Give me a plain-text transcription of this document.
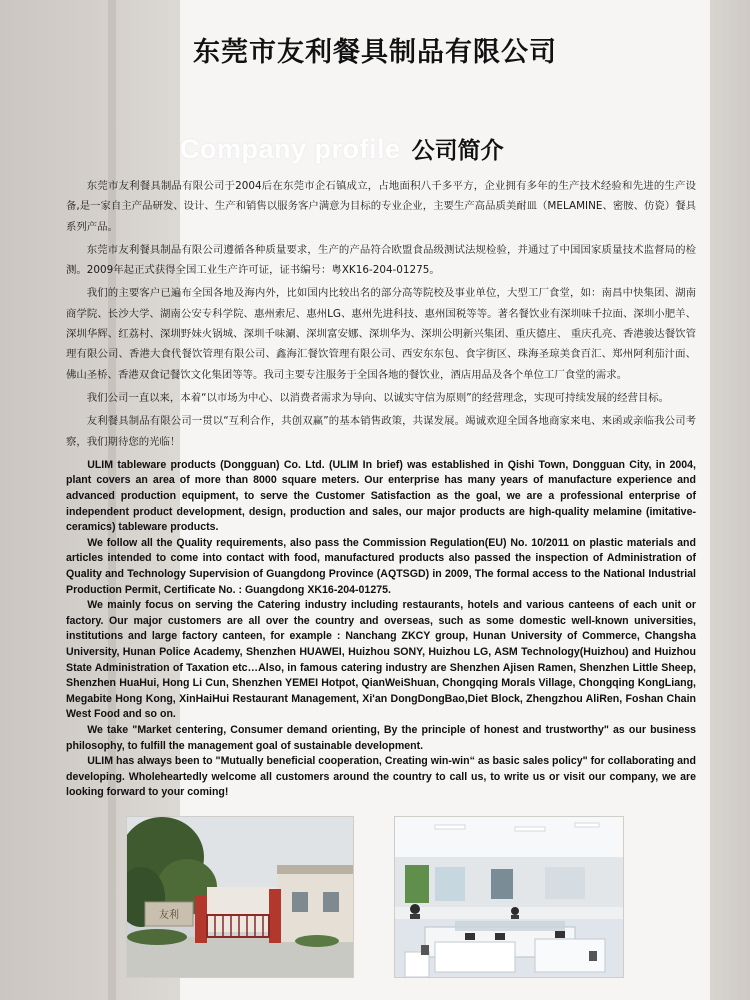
东莞市友利餐具制品有限公司
Company profile 公司简介

东莞市友利餐具制品有限公司于2004后在东莞市企石镇成立，占地面积八千多平方，企业拥有多年的生产技术经验和先进的生产设备,是一家自主产品研发、设计、生产和销售以服务客户满意为目标的专业企业，主要生产高品质美耐皿（MELAMINE、密胺、仿瓷）餐具系列产品。

东莞市友利餐具制品有限公司遵循各种质量要求，生产的产品符合欧盟食品级测试法规检验，并通过了中国国家质量技术监督局的检测。2009年起正式获得全国工业生产许可证，证书编号：粤XK16-204-01275。

我们的主要客户已遍布全国各地及海内外，比如国内比较出名的部分高等院校及事业单位，大型工厂食堂，如：南昌中快集团、湖南商学院、长沙大学、湖南公安专科学院、惠州索尼、惠州LG、惠州先进科技、惠州国税等等。著名餐饮业有深圳味千拉面、深圳小肥羊、深圳华辉、红荔村、深圳野妹火锅城、深圳千味涮、深圳富安娜、深圳华为、深圳公明新兴集团、重庆德庄、 重庆孔亮、香港骏达餐饮管理有限公司、香港大食代餐饮管理有限公司、鑫海汇餐饮管理有限公司、西安东东包、食字街区、珠海圣琼美食百汇、郑州阿利茄汁面、佛山圣桥、香港双食记餐饮文化集团等等。我司主要专注服务于全国各地的餐饮业，酒店用品及各个单位工厂食堂的需求。

我们公司一直以来，本着“以市场为中心、以消费者需求为导向、以诚实守信为原则”的经营理念，实现可持续发展的经营目标。

友利餐具制品有限公司一贯以“互利合作，共创双赢”的基本销售政策，共谋发展。竭诚欢迎全国各地商家来电、来函或亲临我公司考察，我们期待您的光临！

ULIM tableware products (Dongguan) Co. Ltd. (ULIM In brief) was established in Qishi Town, Dongguan City, in 2004, plant covers an area of more than 8000 square meters. Our enterprise has many years of manufacture experience and advanced production equipment, to serve the Customer Satisfaction as the goal, we are a professional enterprise of independent product development, design, production and sales, our major products are high-quality melamine (imitative-ceramics) tableware products.

We follow all the Quality requirements, also pass the Commission Regulation(EU) No. 10/2011 on plastic materials and articles intended to come into contact with food, manufactured products also passed the inspection of Administration of Quality and Technology Supervision of Guangdong Province (AQTSGD) in 2009, The formal access to the National Industrial Production Permit, Certificate No. : Guangdong XK16-204-01275.

We mainly focus on serving the Catering industry including restaurants, hotels and various canteens of each unit or factory. Our major customers are all over the country and overseas, such as some domestic well-known universities, institutions and large factory canteen, for example : Nanchang ZKCY group, Hunan University of Commerce, Changsha University, Hunan Police Academy, Shenzhen HUAWEI, Huizhou SONY, Huizhou LG, ASM Technology(Huizhou) and Huizhou State Administration of Taxation etc…Also, in famous catering industry are Shenzhen Ajisen Ramen, Shenzhen Little Sheep, Shenzhen HuaHui, Hong Li Cun, Shenzhen YEMEI Hotpot, QianWeiShuan, Chongqing Morals Village, Chongqing KongLiang, Megabite Hong Kong, XinHaiHui Restaurant Management, Xi'an DongDongBao,Diet Block, Zhengzhou AliRen, Foshan Chain West Food and so on.

We take "Market centering, Consumer demand orienting, By the principle of honest and trustworthy" as our business philosophy, to fulfill the management goal of sustainable development.

ULIM has always been to "Mutually beneficial cooperation, Creating win-win“ as basic sales policy" for collaborating and developing. Wholeheartedly welcome all customers around the country to call us, to write us or visit our company, we are looking forward to your coming!

友利
